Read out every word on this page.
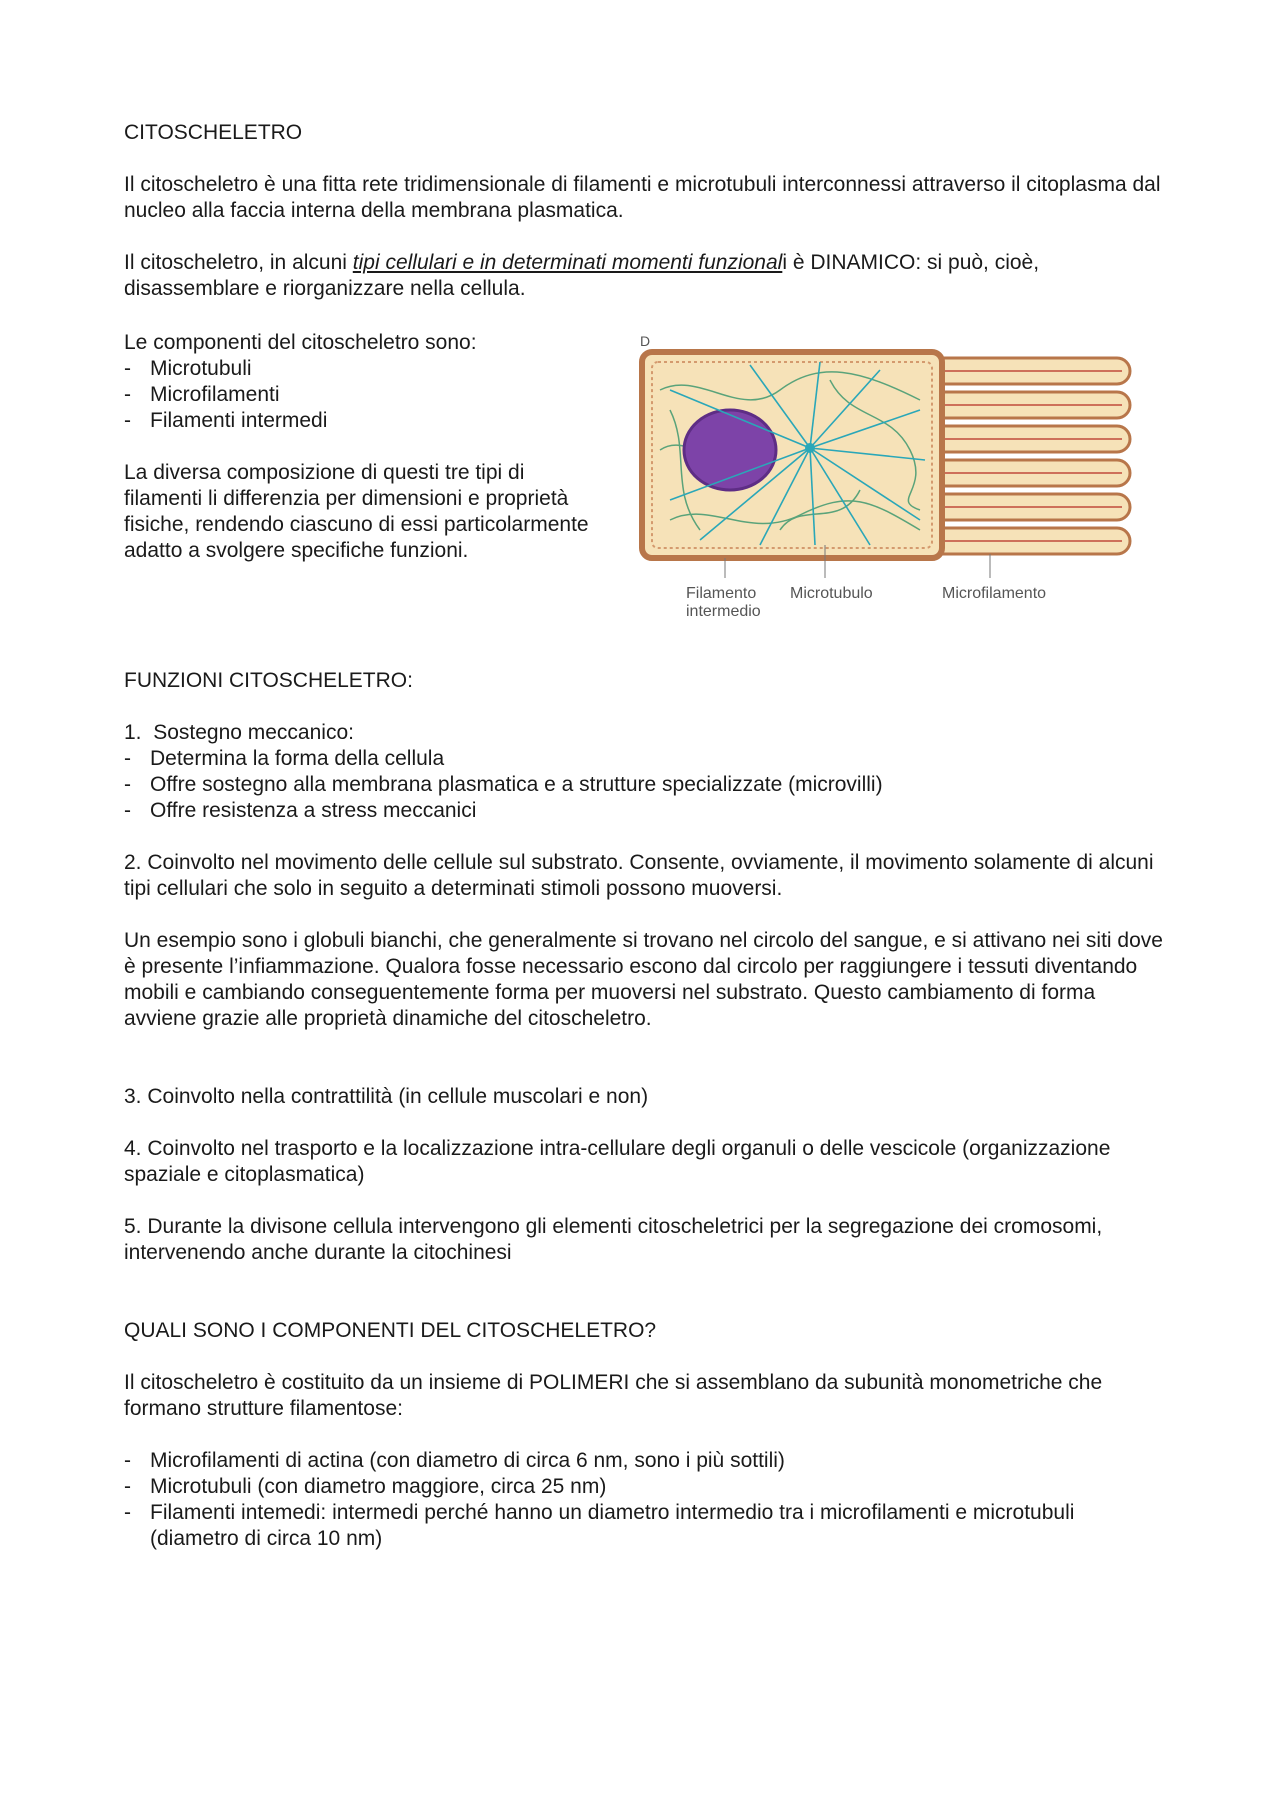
CITOSCHELETRO

Il citoscheletro è una fitta rete tridimensionale di filamenti e microtubuli interconnessi attraverso il citoplasma dal nucleo alla faccia interna della membrana plasmatica.

Il citoscheletro, in alcuni tipi cellulari e in determinati momenti funzionali è DINAMICO: si può, cioè, disassemblare e riorganizzare nella cellula.

Le componenti del citoscheletro sono:

- Microtubuli
- Microfilamenti
- Filamenti intermedi

La diversa composizione di questi tre tipi di filamenti li differenzia per dimensioni e proprietà fisiche, rendendo ciascuno di essi particolarmente adatto a svolgere specifiche funzioni.

D
Filamento
intermedio
Microtubulo	Microfilamento

FUNZIONI CITOSCHELETRO:

1. Sostegno meccanico:

- Determina la forma della cellula
- Offre sostegno alla membrana plasmatica e a strutture specializzate (microvilli)
- Offre resistenza a stress meccanici

2. Coinvolto nel movimento delle cellule sul substrato. Consente, ovviamente, il movimento solamente di alcuni tipi cellulari che solo in seguito a determinati stimoli possono muoversi.

Un esempio sono i globuli bianchi, che generalmente si trovano nel circolo del sangue, e si attivano nei siti dove è presente l’infiammazione. Qualora fosse necessario escono dal circolo per raggiungere i tessuti diventando mobili e cambiando conseguentemente forma per muoversi nel substrato. Questo cambiamento di forma avviene grazie alle proprietà dinamiche del citoscheletro.

3. Coinvolto nella contrattilità (in cellule muscolari e non)

4. Coinvolto nel trasporto e la localizzazione intra-cellulare degli organuli o delle vescicole (organizzazione spaziale e citoplasmatica)

5. Durante la divisone cellula intervengono gli elementi citoscheletrici per la segregazione dei cromosomi, intervenendo anche durante la citochinesi

QUALI SONO I COMPONENTI DEL CITOSCHELETRO?

Il citoscheletro è costituito da un insieme di POLIMERI che si assemblano da subunità monometriche che formano strutture filamentose:

- Microfilamenti di actina (con diametro di circa 6 nm, sono i più sottili)
- Microtubuli (con diametro maggiore, circa 25 nm)
- Filamenti intemedi: intermedi perché hanno un diametro intermedio tra i microfilamenti e microtubuli (diametro di circa 10 nm)
